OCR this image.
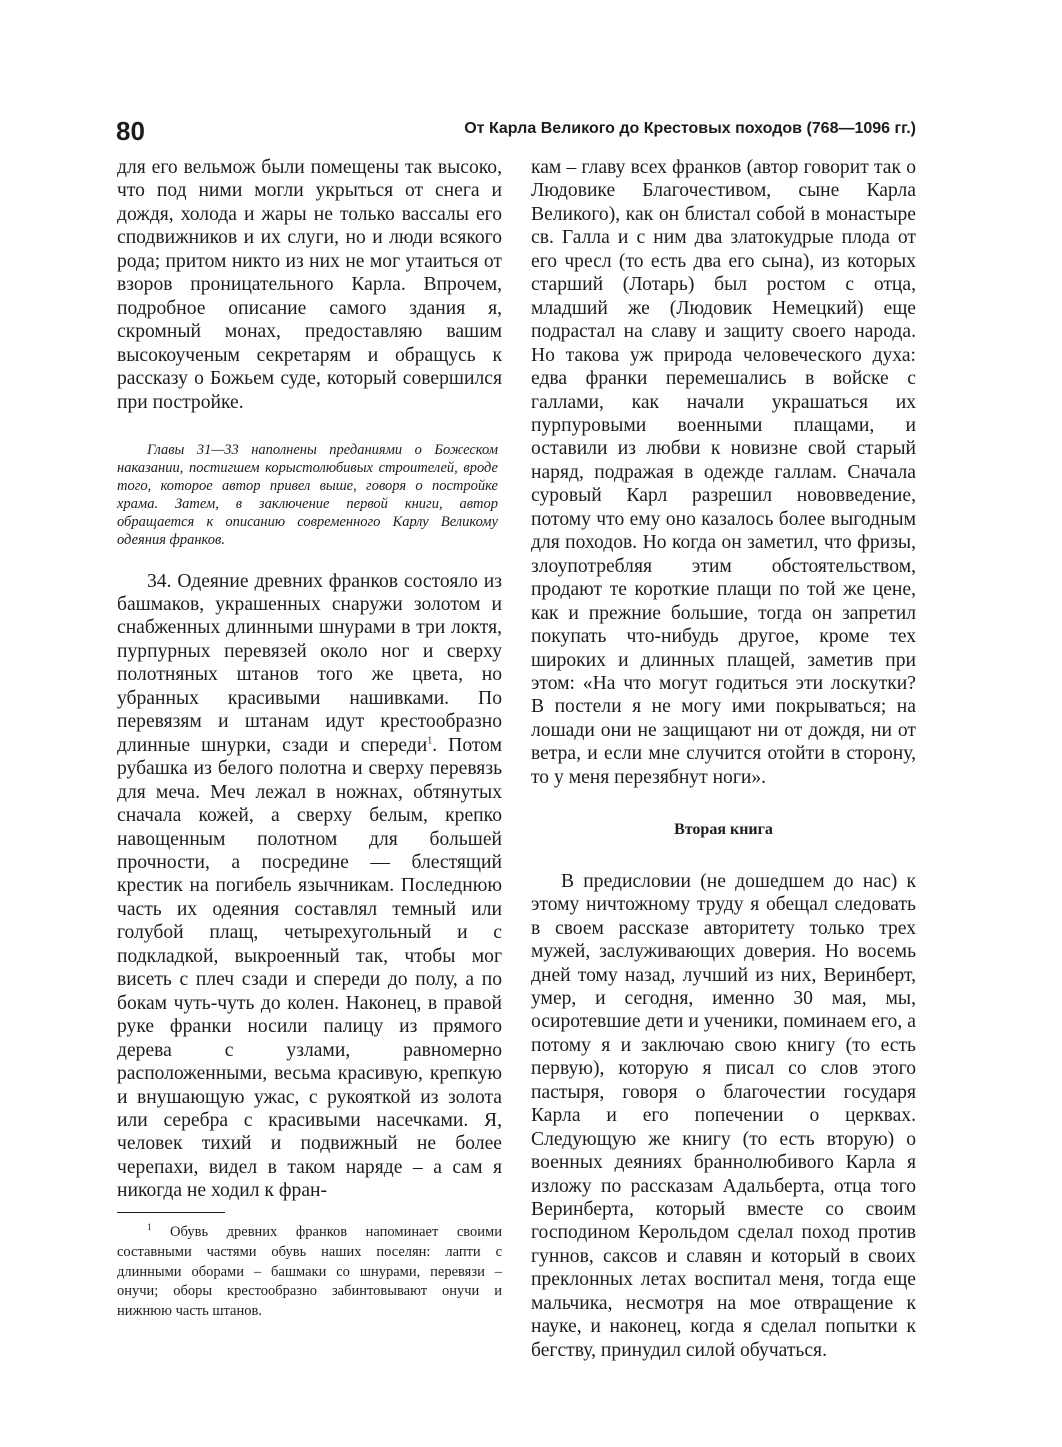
80	От Карла Великого до Крестовых походов (768—1096 гг.)

для его вельмож были помещены так высоко, что под ними могли укрыться от снега и дождя, холода и жары не только вассалы его сподвижников и их слуги, но и люди всякого рода; притом никто из них не мог утаиться от взоров проницательного Карла. Впрочем, подробное описание самого здания я, скромный монах, предоставляю вашим высокоученым секретарям и обращусь к рассказу о Божьем суде, который совершился при постройке.

Главы 31—33 наполнены преданиями о Божеском наказании, постигшем корыстолюбивых строителей, вроде того, которое автор привел выше, говоря о постройке храма. Затем, в заключение первой книги, автор обращается к описанию современного Карлу Великому одеяния франков.

34. Одеяние древних франков состояло из башмаков, украшенных снаружи золотом и снабженных длинными шнурами в три локтя, пурпурных перевязей около ног и сверху полотняных штанов того же цвета, но убранных красивыми нашивками. По перевязям и штанам идут крестообразно длинные шнурки, сзади и спереди$^1$. Потом рубашка из белого полотна и сверху перевязь для меча. Меч лежал в ножнах, обтянутых сначала кожей, а сверху белым, крепко навощенным полотном для большей прочности, а посредине — блестящий крестик на погибель язычникам. Последнюю часть их одеяния составлял темный или голубой плащ, четырехугольный и с подкладкой, выкроенный так, чтобы мог висеть с плеч сзади и спереди до полу, а по бокам чуть-чуть до колен. Наконец, в правой руке франки носили палицу из прямого дерева с узлами, равномерно расположенными, весьма красивую, крепкую и внушающую ужас, с рукояткой из золота или серебра с красивыми насечками. Я, человек тихий и подвижный не более черепахи, видел в таком наряде – а сам я никогда не ходил к фран-

$^1$ Обувь древних франков напоминает своими составными частями обувь наших поселян: лапти с длинными оборами – башмаки со шнурами, перевязи – онучи; оборы крестообразно забинтовывают онучи и нижнюю часть штанов.

кам – главу всех франков (автор говорит так о Людовике Благочестивом, сыне Карла Великого), как он блистал собой в монастыре св. Галла и с ним два златокудрые плода от его чресл (то есть два его сына), из которых старший (Лотарь) был ростом с отца, младший же (Людовик Немецкий) еще подрастал на славу и защиту своего народа. Но такова уж природа человеческого духа: едва франки перемешались в войске с галлами, как начали украшаться их пурпуровыми военными плащами, и оставили из любви к новизне свой старый наряд, подражая в одежде галлам. Сначала суровый Карл разрешил нововведение, потому что ему оно казалось более выгодным для походов. Но когда он заметил, что фризы, злоупотребляя этим обстоятельством, продают те короткие плащи по той же цене, как и прежние большие, тогда он запретил покупать что-нибудь другое, кроме тех широких и длинных плащей, заметив при этом: «На что могут годиться эти лоскутки? В постели я не могу ими покрываться; на лошади они не защищают ни от дождя, ни от ветра, и если мне случится отойти в сторону, то у меня перезябнут ноги».

Вторая книга

В предисловии (не дошедшем до нас) к этому ничтожному труду я обещал следовать в своем рассказе авторитету только трех мужей, заслуживающих доверия. Но восемь дней тому назад, лучший из них, Веринберт, умер, и сегодня, именно 30 мая, мы, осиротевшие дети и ученики, поминаем его, а потому я и заключаю свою книгу (то есть первую), которую я писал со слов этого пастыря, говоря о благочестии государя Карла и его попечении о церквах. Следующую же книгу (то есть вторую) о военных деяниях браннолюбивого Карла я изложу по рассказам Адальберта, отца того Веринберта, который вместе со своим господином Керольдом сделал поход против гуннов, саксов и славян и который в своих преклонных летах воспитал меня, тогда еще мальчика, несмотря на мое отвращение к науке, и наконец, когда я сделал попытки к бегству, принудил силой обучаться.
